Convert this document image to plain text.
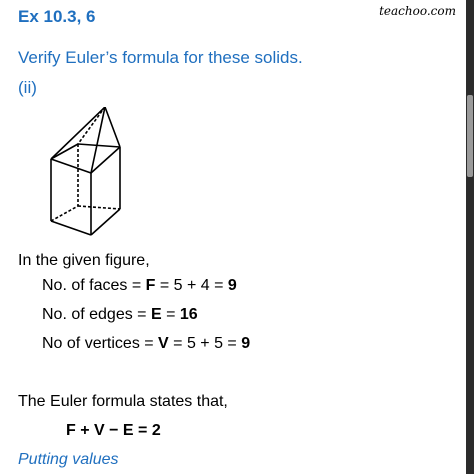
teachoo.com
Ex 10.3, 6
Verify Euler’s formula for these solids.
(ii)
In the given figure,
No. of faces = F = 5 + 4 = 9
No. of edges = E = 16
No of vertices = V = 5 + 5 = 9
The Euler formula states that,
F + V − E = 2
Putting values
